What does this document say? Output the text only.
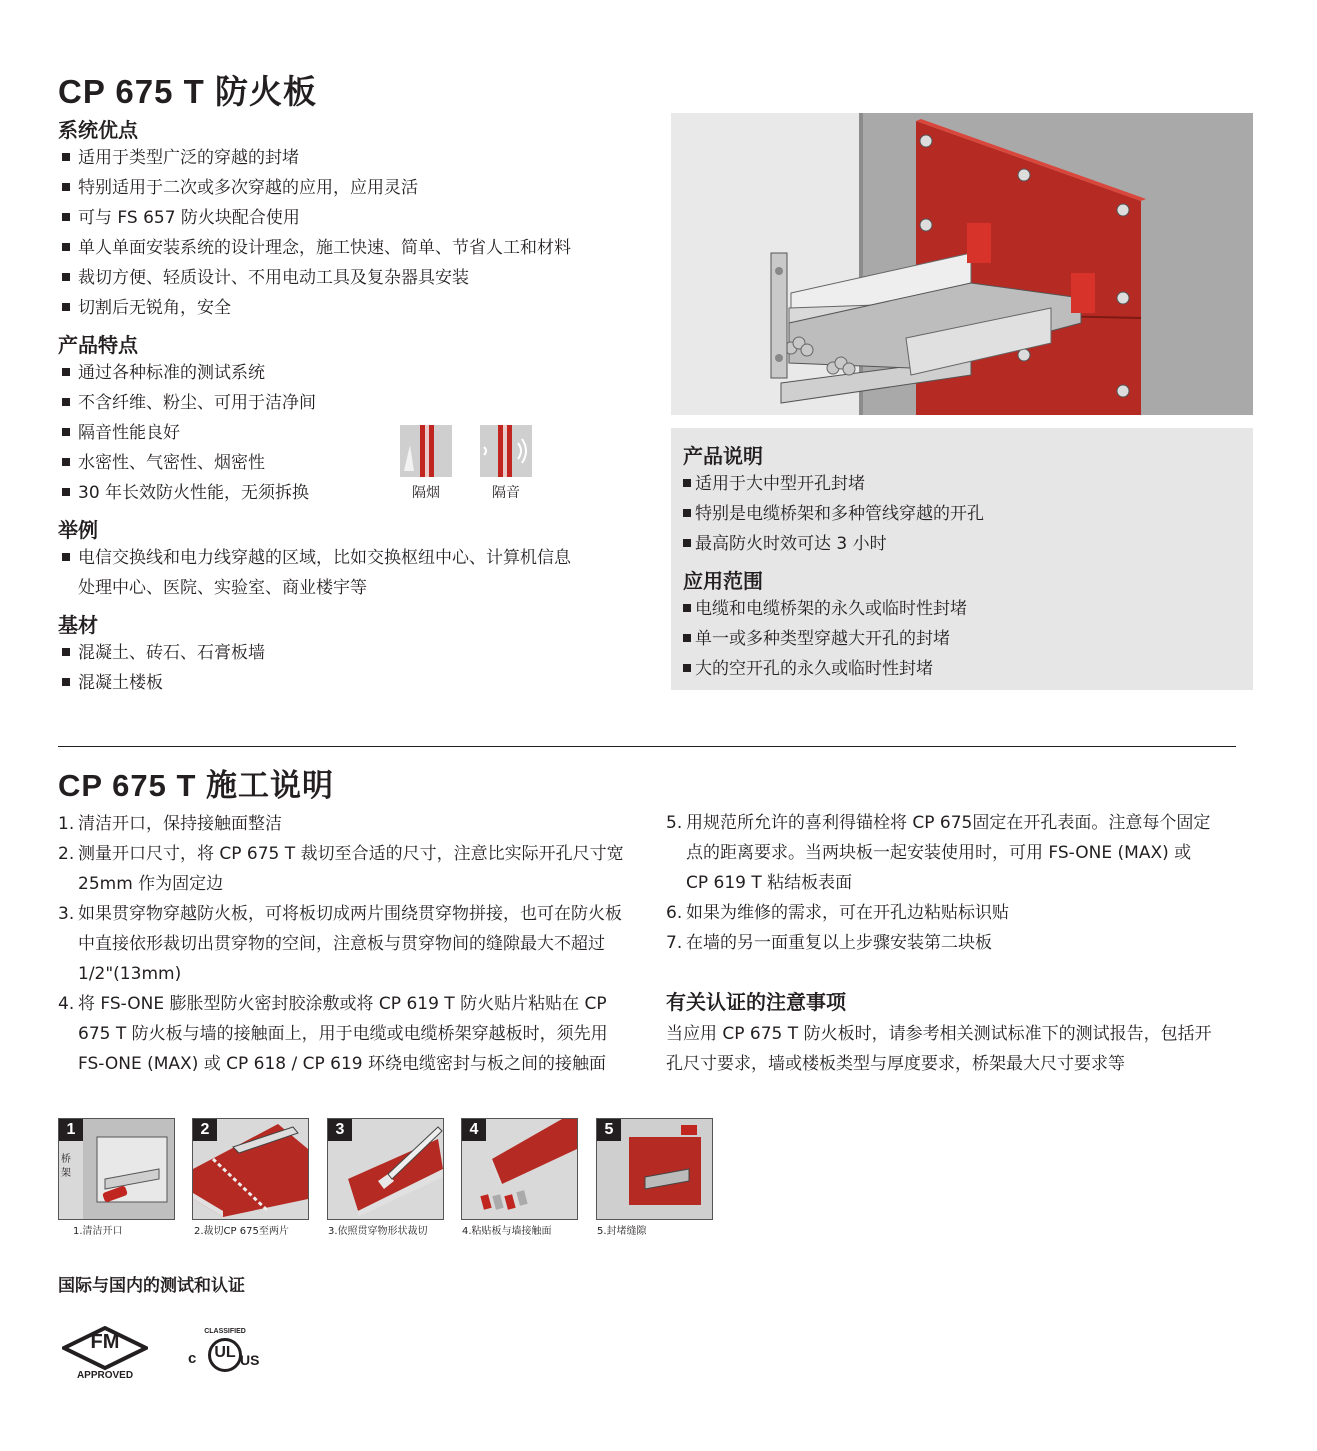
CP 675 T 防火板
系统优点
适用于类型广泛的穿越的封堵
特别适用于二次或多次穿越的应用，应用灵活
可与 FS 657 防火块配合使用
单人单面安装系统的设计理念，施工快速、简单、节省人工和材料
裁切方便、轻质设计、不用电动工具及复杂器具安装
切割后无锐角，安全
产品特点
通过各种标准的测试系统
不含纤维、粉尘、可用于洁净间
隔音性能良好
水密性、气密性、烟密性
30 年长效防火性能，无须拆换
举例
电信交换线和电力线穿越的区域，比如交换枢纽中心、计算机信息
处理中心、医院、实验室、商业楼宇等
基材
混凝土、砖石、石膏板墙
混凝土楼板
隔烟	隔音
产品说明
适用于大中型开孔封堵
特别是电缆桥架和多种管线穿越的开孔
最高防火时效可达 3 小时
应用范围
电缆和电缆桥架的永久或临时性封堵
单一或多种类型穿越大开孔的封堵
大的空开孔的永久或临时性封堵
CP 675 T 施工说明
1. 清洁开口，保持接触面整洁
2. 测量开口尺寸，将 CP 675 T 裁切至合适的尺寸，注意比实际开孔尺寸宽 25mm 作为固定边
3. 如果贯穿物穿越防火板，可将板切成两片围绕贯穿物拼接，也可在防火板中直接依形裁切出贯穿物的空间，注意板与贯穿物间的缝隙最大不超过 1/2"(13mm)
4. 将 FS-ONE 膨胀型防火密封胶涂敷或将 CP 619 T 防火贴片粘贴在 CP 675 T 防火板与墙的接触面上，用于电缆或电缆桥架穿越板时，须先用 FS-ONE (MAX) 或 CP 618 / CP 619 环绕电缆密封与板之间的接触面
5. 用规范所允许的喜利得锚栓将 CP 675固定在开孔表面。注意每个固定点的距离要求。当两块板一起安装使用时，可用 FS-ONE (MAX) 或 CP 619 T 粘结板表面
6. 如果为维修的需求，可在开孔边粘贴标识贴
7. 在墙的另一面重复以上步骤安装第二块板
有关认证的注意事项
当应用 CP 675 T 防火板时，请参考相关测试标准下的测试报告，包括开孔尺寸要求，墙或楼板类型与厚度要求，桥架最大尺寸要求等
1
桥架
2	3	4	5
1.清洁开口	2.裁切CP 675至两片	3.依照贯穿物形状裁切	4.粘贴板与墙接触面	5.封堵缝隙
国际与国内的测试和认证
FM
APPROVED
CLASSIFIED
UL
c	US
